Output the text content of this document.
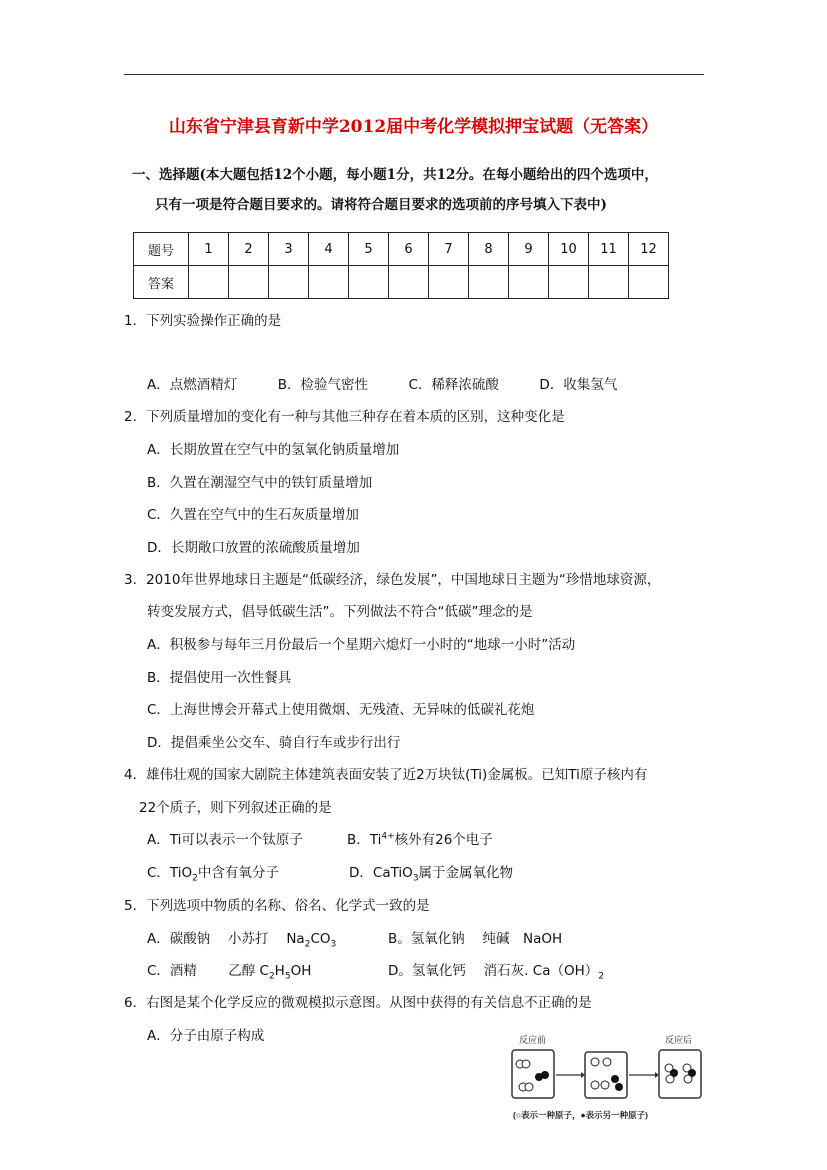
山东省宁津县育新中学2012届中考化学模拟押宝试题（无答案）
一、选择题(本大题包括12个小题，每小题1分，共12分。在每小题给出的四个选项中，
只有一项是符合题目要求的。请将符合题目要求的选项前的序号填入下表中)
题号	1	2	3	4	5	6	7	8	9	10	11	12
答案												
1．下列实验操作正确的是
A．点燃酒精灯　　　B．检验气密性　　　C．稀释浓硫酸　　　D．收集氢气
2．下列质量增加的变化有一种与其他三种存在着本质的区别，这种变化是
A．长期放置在空气中的氢氧化钠质量增加
B．久置在潮湿空气中的铁钉质量增加
C．久置在空气中的生石灰质量增加
D．长期敞口放置的浓硫酸质量增加
3．2010年世界地球日主题是“低碳经济，绿色发展”，中国地球日主题为“珍惜地球资源，
转变发展方式，倡导低碳生活”。下列做法不符合“低碳”理念的是
A．积极参与每年三月份最后一个星期六熄灯一小时的“地球一小时”活动
B．提倡使用一次性餐具
C．上海世博会开幕式上使用微烟、无残渣、无异味的低碳礼花炮
D．提倡乘坐公交车、骑自行车或步行出行
4．雄伟壮观的国家大剧院主体建筑表面安装了近2万块钛(Ti)金属板。已知Ti原子核内有
22个质子，则下列叙述正确的是
A．Ti可以表示一个钛原子	B．$Ti^{4+}$核外有26个电子
C．TiO$_2$中含有氧分子	D．CaTiO$_3$属于金属氧化物
5．下列选项中物质的名称、俗名、化学式一致的是
A．碳酸钠　 小苏打　 $Na_2CO_3$	B。氢氧化钠　 纯碱　NaOH
C．酒精　　 乙醇 $C_2H_5OH$	D。氢氧化钙　 消石灰. $Ca(OH)_2$
6．右图是某个化学反应的微观模拟示意图。从图中获得的有关信息不正确的是
A．分子由原子构成	反应前	反应后
(○表示一种原子，●表示另一种原子)
